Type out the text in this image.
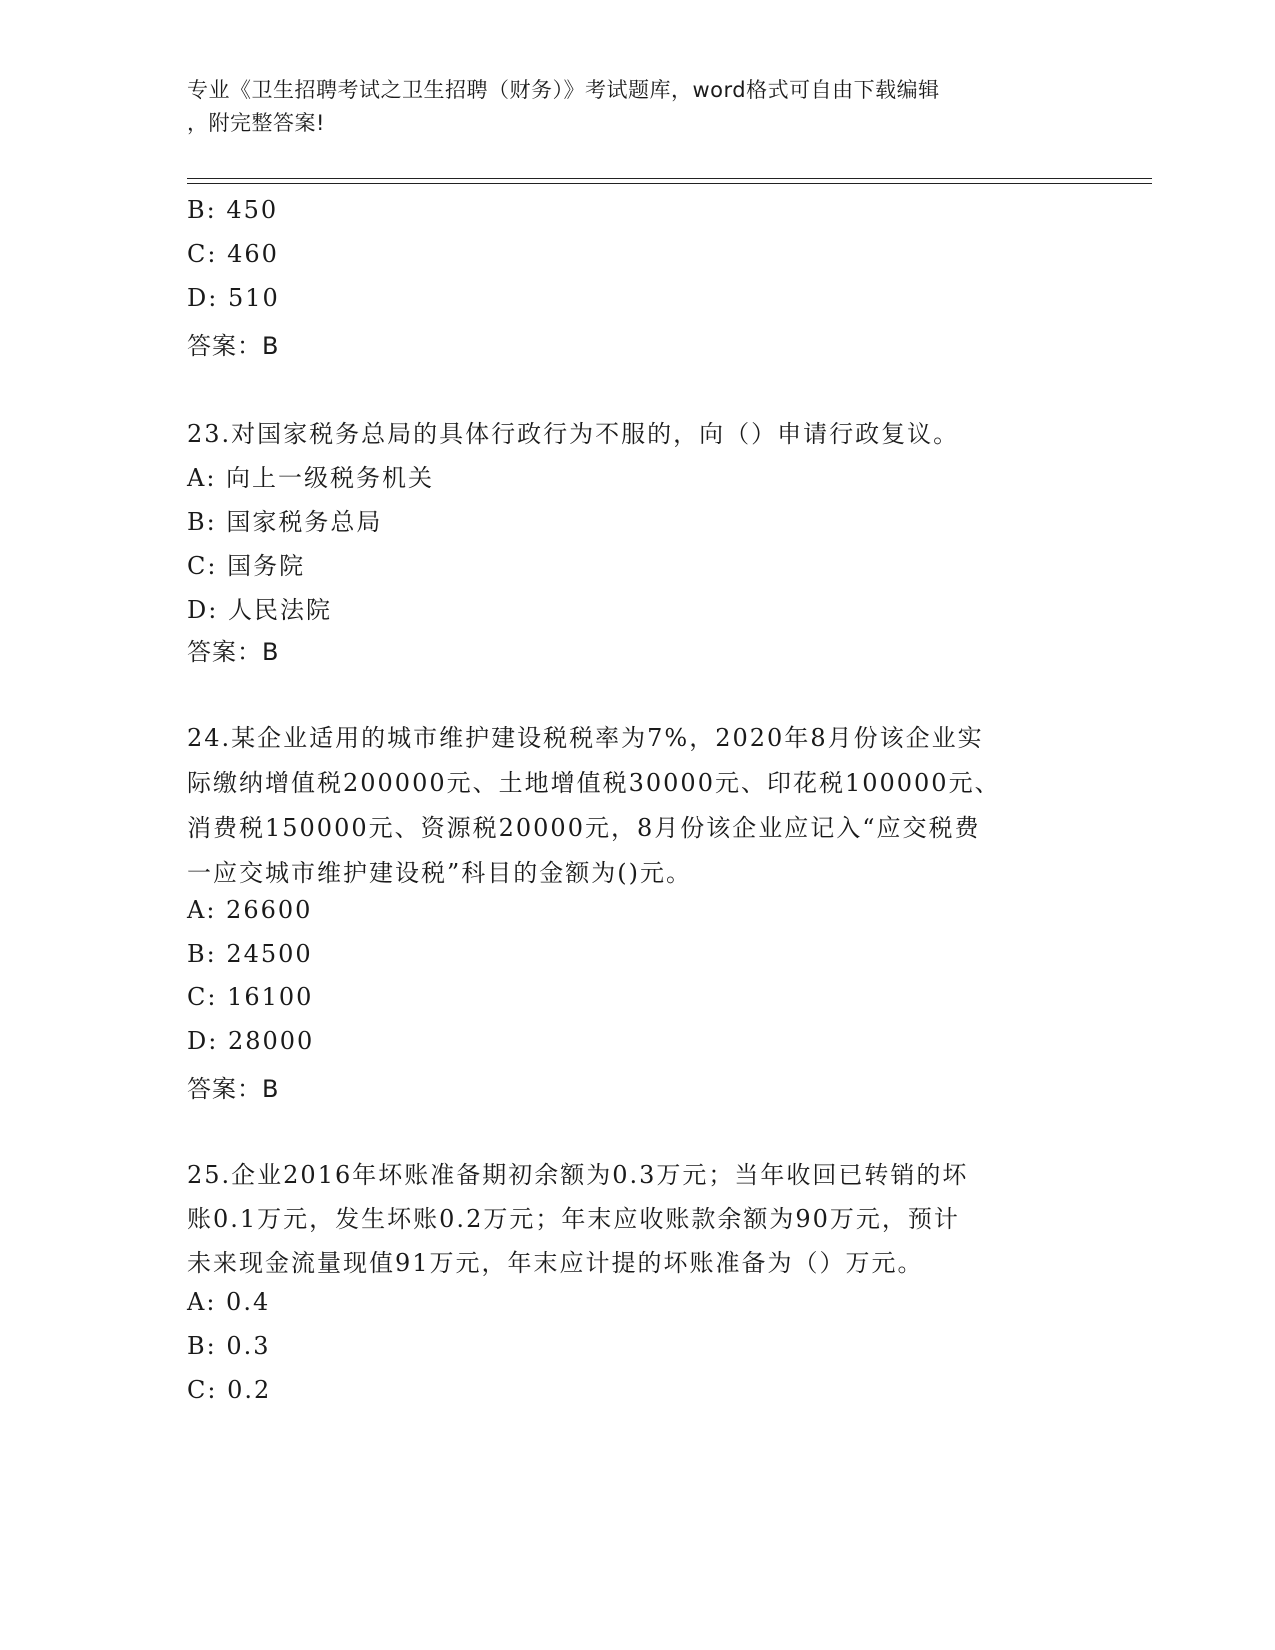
专业《卫生招聘考试之卫生招聘（财务）》考试题库，word格式可自由下载编辑
，附完整答案!
B: 450
C: 460
D: 510
答案：B
23.对国家税务总局的具体行政行为不服的，向（）申请行政复议。
A: 向上一级税务机关
B: 国家税务总局
C: 国务院
D: 人民法院
答案：B
24.某企业适用的城市维护建设税税率为7%，2020年8月份该企业实
际缴纳增值税200000元、土地增值税30000元、印花税100000元、
消费税150000元、资源税20000元，8月份该企业应记入“应交税费
一应交城市维护建设税”科目的金额为()元。
A: 26600
B: 24500
C: 16100
D: 28000
答案：B
25.企业2016年坏账准备期初余额为0.3万元；当年收回已转销的坏
账0.1万元，发生坏账0.2万元；年末应收账款余额为90万元，预计
未来现金流量现值91万元，年末应计提的坏账准备为（）万元。
A: 0.4
B: 0.3
C: 0.2
